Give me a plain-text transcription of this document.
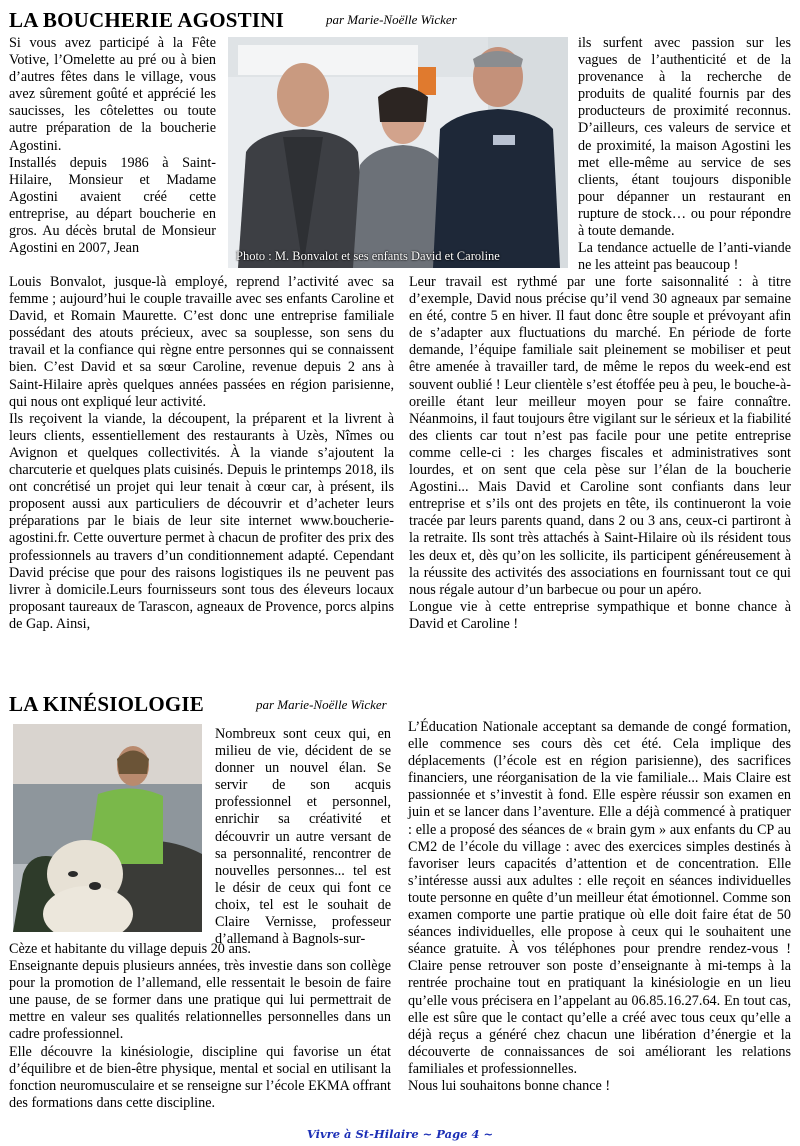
LA BOUCHERIE AGOSTINI	par Marie-Noëlle Wicker

Si vous avez participé à la Fête Votive, l’Omelette au pré ou à bien d’autres fêtes dans le village, vous avez sûrement goûté et apprécié les saucisses, les côtelettes ou toute autre préparation de la boucherie Agostini.

Installés depuis 1986 à Saint-Hilaire, Monsieur et Madame Agostini avaient créé cette entreprise, au départ boucherie en gros. Au décès brutal de Monsieur Agostini en 2007, Jean	Photo : M. Bonvalot et ses enfants David et Caroline

ils surfent avec passion sur les vagues de l’authenticité et de la provenance à la recherche de produits de qualité fournis par des producteurs de proximité reconnus. D’ailleurs, ces valeurs de service et de proximité, la maison Agostini les met elle-même au service de ses clients, étant toujours disponible pour dépanner un restaurant en rupture de stock… ou pour répondre à toute demande.

La tendance actuelle de l’anti-viande ne les atteint pas beaucoup !

Louis Bonvalot, jusque-là employé, reprend l’activité avec sa femme ; aujourd’hui le couple travaille avec ses enfants Caroline et David, et Romain Maurette. C’est donc une entreprise familiale possédant des atouts précieux, avec sa souplesse, son sens du travail et la confiance qui règne entre personnes qui se connaissent bien. C’est David et sa sœur Caroline, revenue depuis 2 ans à Saint-Hilaire après quelques années passées en région parisienne, qui nous ont expliqué leur activité.

Ils reçoivent la viande, la découpent, la préparent et la livrent à leurs clients, essentiellement des restaurants à Uzès, Nîmes ou Avignon et quelques collectivités. À la viande s’ajoutent la charcuterie et quelques plats cuisinés. Depuis le printemps 2018, ils ont concrétisé un projet qui leur tenait à cœur car, à présent, ils proposent aussi aux particuliers de découvrir et d’acheter leurs préparations par le biais de leur site internet www.boucherie-agostini.fr. Cette ouverture permet à chacun de profiter des prix des professionnels au travers d’un conditionnement adapté. Cependant David précise que pour des raisons logistiques ils ne peuvent pas livrer à domicile.Leurs fournisseurs sont tous des éleveurs locaux proposant taureaux de Tarascon, agneaux de Provence, porcs alpins de Gap. Ainsi,

Leur travail est rythmé par une forte saisonnalité : à titre d’exemple, David nous précise qu’il vend 30 agneaux par semaine en été, contre 5 en hiver. Il faut donc être souple et prévoyant afin de s’adapter aux fluctuations du marché. En période de forte demande, l’équipe familiale sait pleinement se mobiliser et peut être amenée à travailler tard, de même le repos du week-end est souvent oublié ! Leur clientèle s’est étoffée peu à peu, le bouche-à-oreille étant leur meilleur moyen pour se faire connaître. Néanmoins, il faut toujours être vigilant sur le sérieux et la fiabilité des clients car tout n’est pas facile pour une petite entreprise comme celle-ci : les charges fiscales et administratives sont lourdes, et on sent que cela pèse sur l’élan de la boucherie Agostini... Mais David et Caroline sont confiants dans leur entreprise et s’ils ont des projets en tête, ils continueront la voie tracée par leurs parents quand, dans 2 ou 3 ans, ceux-ci partiront à la retraite. Ils sont très attachés à Saint-Hilaire où ils résident tous les deux et, dès qu’on les sollicite, ils participent généreusement à la réussite des activités des associations en fournissant tout ce qui nous régale autour d’un barbecue ou pour un apéro.

Longue vie à cette entreprise sympathique et bonne chance à David et Caroline !

LA KINÉSIOLOGIE	par Marie-Noëlle Wicker

Nombreux sont ceux qui, en milieu de vie, décident de se donner un nouvel élan. Se servir de son acquis professionnel et personnel, enrichir sa créativité et découvrir un autre versant de sa personnalité, rencontrer de nouvelles personnes... tel est le désir de ceux qui font ce choix, tel est le souhait de Claire Vernisse, professeur d’allemand à Bagnols-sur-

Cèze et habitante du village depuis 20 ans.

Enseignante depuis plusieurs années, très investie dans son collège pour la promotion de l’allemand, elle ressentait le besoin de faire une pause, de se former dans une pratique qui lui permettrait de mettre en valeur ses qualités relationnelles personnelles dans un cadre professionnel.

Elle découvre la kinésiologie, discipline qui favorise un état d’équilibre et de bien-être physique, mental et social en utilisant la fonction neuromusculaire et se renseigne sur l’école EKMA offrant des formations dans cette discipline.

L’Éducation Nationale acceptant sa demande de congé formation, elle commence ses cours dès cet été. Cela implique des déplacements (l’école est en région parisienne), des sacrifices financiers, une réorganisation de la vie familiale... Mais Claire est passionnée et s’investit à fond. Elle espère réussir son examen en juin et se lancer dans l’aventure. Elle a déjà commencé à pratiquer : elle a proposé des séances de « brain gym » aux enfants du CP au CM2 de l’école du village : avec des exercices simples destinés à favoriser leurs capacités d’attention et de concentration. Elle s’intéresse aussi aux adultes : elle reçoit en séances individuelles toute personne en quête d’un meilleur état émotionnel. Comme son examen comporte une partie pratique où elle doit faire état de 50 séances individuelles, elle propose à ceux qui le souhaitent une séance gratuite. À vos téléphones pour prendre rendez-vous ! Claire pense retrouver son poste d’enseignante à mi-temps à la rentrée prochaine tout en pratiquant la kinésiologie en un lieu qu’elle vous précisera en l’appelant au 06.85.16.27.64. En tout cas, elle est sûre que le contact qu’elle a créé avec tous ceux qu’elle a déjà reçus a généré chez chacun une libération d’énergie et la découverte de connaissances de soi améliorant les relations familiales et professionnelles.

Nous lui souhaitons bonne chance !

Vivre à St-Hilaire ~ Page 4 ~
